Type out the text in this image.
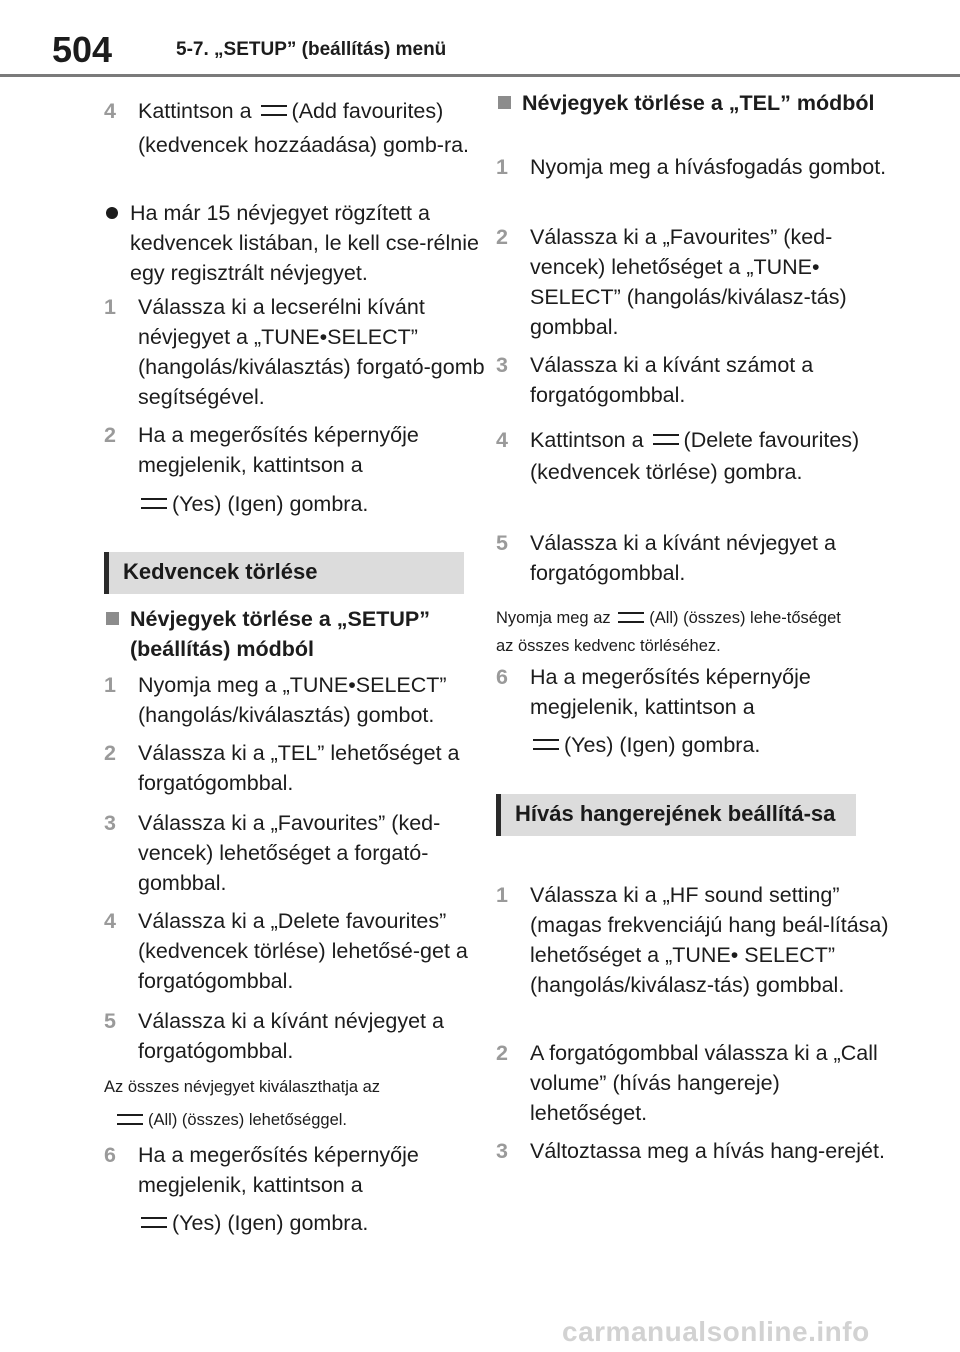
504	5-7. „SETUP” (beállítás) menü
4 Kattintson a (Add favourites) (kedvencek hozzáadása) gomb-ra.
Ha már 15 névjegyet rögzített a kedvencek listában, le kell cse-rélnie egy regisztrált névjegyet.
1 Válassza ki a lecserélni kívánt névjegyet a „TUNE•SELECT” (hangolás/kiválasztás) forgató-gomb segítségével.
2 Ha a megerősítés képernyője megjelenik, kattintson a
(Yes) (Igen) gombra.
Kedvencek törlése
Névjegyek törlése a „SETUP” (beállítás) módból
1 Nyomja meg a „TUNE•SELECT” (hangolás/kiválasztás) gombot.
2 Válassza ki a „TEL” lehetőséget a forgatógombbal.
3 Válassza ki a „Favourites” (ked-vencek) lehetőséget a forgató-gombbal.
4 Válassza ki a „Delete favourites” (kedvencek törlése) lehetősé-get a forgatógombbal.
5 Válassza ki a kívánt névjegyet a forgatógombbal.
Az összes névjegyet kiválaszthatja az
(All) (összes) lehetőséggel.
6 Ha a megerősítés képernyője megjelenik, kattintson a
(Yes) (Igen) gombra.
Névjegyek törlése a „TEL” módból
1 Nyomja meg a hívásfogadás gombot.
2 Válassza ki a „Favourites” (ked-vencek) lehetőséget a „TUNE• SELECT” (hangolás/kiválasz-tás) gombbal.
3 Válassza ki a kívánt számot a forgatógombbal.
4 Kattintson a (Delete favourites) (kedvencek törlése) gombra.
5 Válassza ki a kívánt névjegyet a forgatógombbal.
Nyomja meg az (All) (összes) lehe-tőséget az összes kedvenc törléséhez.
6 Ha a megerősítés képernyője megjelenik, kattintson a
(Yes) (Igen) gombra.
Hívás hangerejének beállítá-sa
1 Válassza ki a „HF sound setting” (magas frekvenciájú hang beál-lítása) lehetőséget a „TUNE• SELECT” (hangolás/kiválasz-tás) gombbal.
2 A forgatógombbal válassza ki a „Call volume” (hívás hangereje) lehetőséget.
3 Változtassa meg a hívás hang-erejét.
carmanualsonline.info
